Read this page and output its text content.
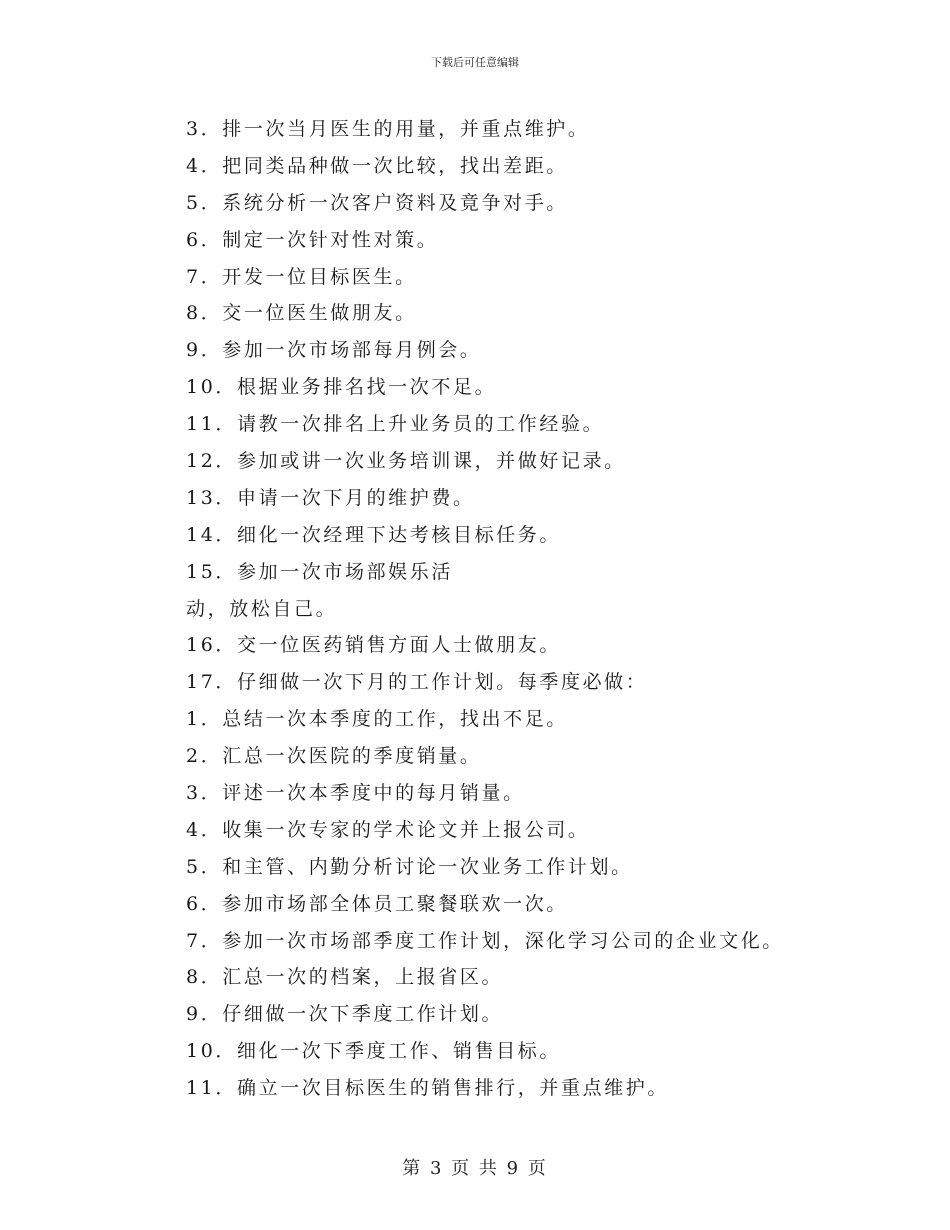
下载后可任意编辑
3．排一次当月医生的用量，并重点维护。
4．把同类品种做一次比较，找出差距。
5．系统分析一次客户资料及竟争对手。
6．制定一次针对性对策。
7．开发一位目标医生。
8．交一位医生做朋友。
9．参加一次市场部每月例会。
10．根据业务排名找一次不足。
11．请教一次排名上升业务员的工作经验。
12．参加或讲一次业务培训课，并做好记录。
13．申请一次下月的维护费。
14．细化一次经理下达考核目标任务。
15．参加一次市场部娱乐活
动，放松自己。
16．交一位医药销售方面人士做朋友。
17．仔细做一次下月的工作计划。每季度必做：
1．总结一次本季度的工作，找出不足。
2．汇总一次医院的季度销量。
3．评述一次本季度中的每月销量。
4．收集一次专家的学术论文并上报公司。
5．和主管、内勤分析讨论一次业务工作计划。
6．参加市场部全体员工聚餐联欢一次。
7．参加一次市场部季度工作计划，深化学习公司的企业文化。
8．汇总一次的档案，上报省区。
9．仔细做一次下季度工作计划。
10．细化一次下季度工作、销售目标。
11．确立一次目标医生的销售排行，并重点维护。
第 3 页 共 9 页
